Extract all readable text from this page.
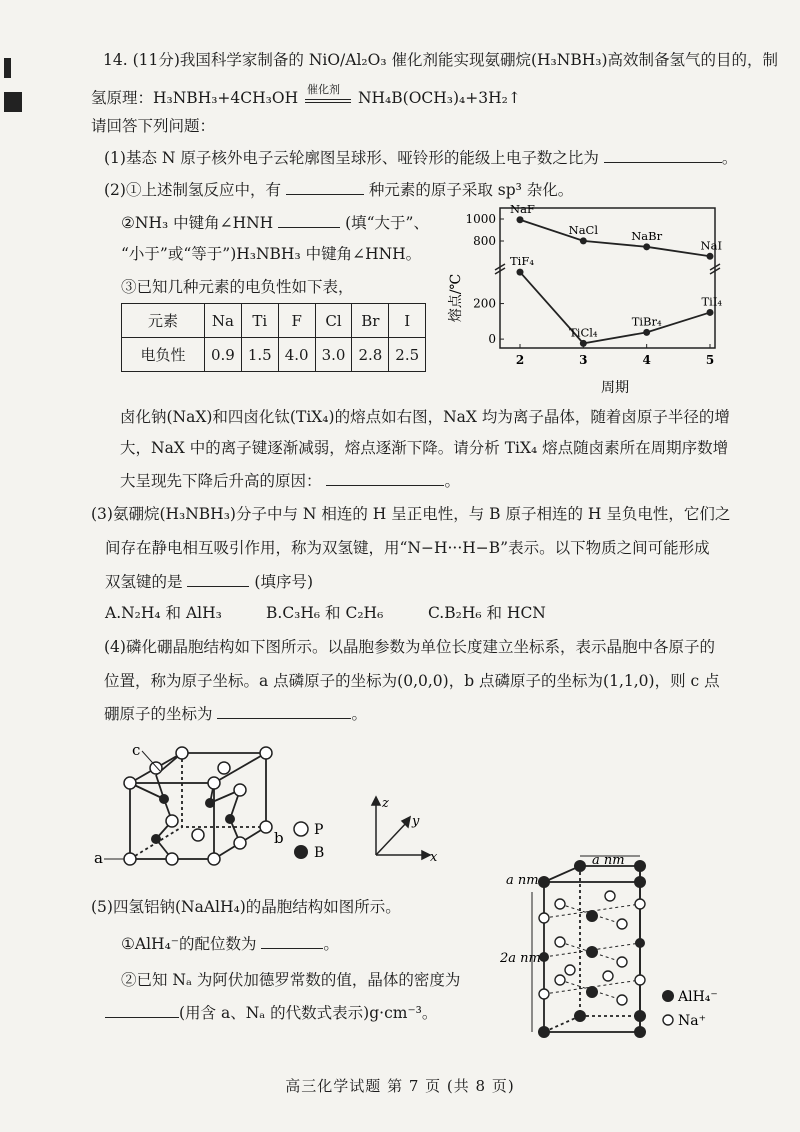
14. (11分)我国科学家制备的 NiO/Al₂O₃ 催化剂能实现氨硼烷(H₃NBH₃)高效制备氢气的目的，制
氢原理：H₃NBH₃+4CH₃OH 催化剂 NH₄B(OCH₃)₄+3H₂↑
请回答下列问题：
(1)基态 N 原子核外电子云轮廓图呈球形、哑铃形的能级上电子数之比为	。
(2)①上述制氢反应中，有	种元素的原子采取 sp³ 杂化。
②NH₃ 中键角∠HNH	(填“大于”、
“小于”或“等于”)H₃NBH₃ 中键角∠HNH。
③已知几种元素的电负性如下表，
元素	Na	Ti	F	Cl	Br	I
电负性	0.9	1.5	4.0	3.0	2.8	2.5
1000
800
200
0
2	3	4	5
NaF
NaCl	NaBr
NaI
TiF₄
TiCl₄
TiBr₄
TiI₄
熔点/℃
周期
卤化钠(NaX)和四卤化钛(TiX₄)的熔点如右图，NaX 均为离子晶体，随着卤原子半径的增
大，NaX 中的离子键逐渐减弱，熔点逐渐下降。请分析 TiX₄ 熔点随卤素所在周期序数增
大呈现先下降后升高的原因：	。
(3)氨硼烷(H₃NBH₃)分子中与 N 相连的 H 呈正电性，与 B 原子相连的 H 呈负电性，它们之
间存在静电相互吸引作用，称为双氢键，用“N−H···H−B”表示。以下物质之间可能形成
双氢键的是	(填序号)
A.N₂H₄ 和 AlH₃	B.C₃H₆ 和 C₂H₆	C.B₂H₆ 和 HCN
(4)磷化硼晶胞结构如下图所示。以晶胞参数为单位长度建立坐标系，表示晶胞中各原子的
位置，称为原子坐标。a 点磷原子的坐标为(0,0,0)，b 点磷原子的坐标为(1,1,0)，则 c 点
硼原子的坐标为	。
c
a
b P
B
z
y
x
(5)四氢铝钠(NaAlH₄)的晶胞结构如图所示。
①AlH₄⁻的配位数为	。
②已知 Nₐ 为阿伏加德罗常数的值，晶体的密度为
(用含 a、Nₐ 的代数式表示)g·cm⁻³。
a nm
a nm
2a nm
AlH₄⁻
Na⁺
高三化学试题 第 7 页 (共 8 页)
